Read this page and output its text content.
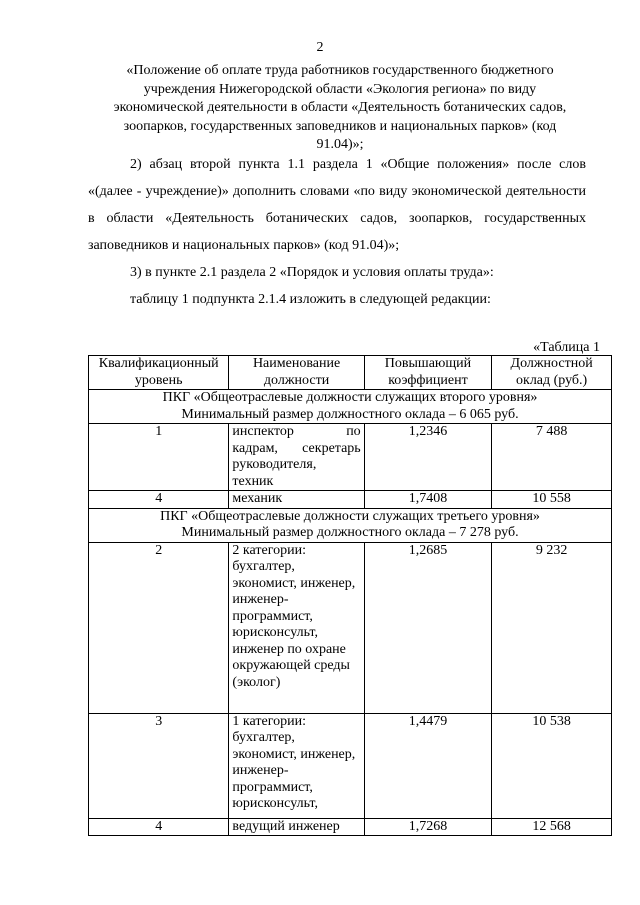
2
«Положение об оплате труда работников государственного бюджетного учреждения Нижегородской области «Экология региона» по виду экономической деятельности в области «Деятельность ботанических садов, зоопарков, государственных заповедников и национальных парков» (код 91.04)»;
2) абзац второй пункта 1.1 раздела 1 «Общие положения» после слов «(далее - учреждение)» дополнить словами «по виду экономической деятельности в области «Деятельность ботанических садов, зоопарков, государственных заповедников и национальных парков» (код 91.04)»;
3) в пункте 2.1 раздела 2 «Порядок и условия оплаты труда»:
таблицу 1 подпункта 2.1.4 изложить в следующей редакции:
«Таблица 1
Квалификационный уровень	Наименование должности	Повышающий коэффициент	Должностной оклад (руб.)

ПКГ «Общеотраслевые должности служащих второго уровня»
Минимальный размер должностного оклада – 6 065 руб.			

1	инспектор по кадрам, секретарь руководителя, техник	1,2346	7 488
4	механик	1,7408	10 558

ПКГ «Общеотраслевые должности служащих третьего уровня»
Минимальный размер должностного оклада – 7 278 руб.			

2	2 категории: бухгалтер, экономист, инженер, инженер-программист, юрисконсульт, инженер по охране окружающей среды (эколог)	1,2685	9 232
3	1 категории: бухгалтер, экономист, инженер, инженер-программист, юрисконсульт,	1,4479	10 538
4	ведущий инженер	1,7268	12 568
